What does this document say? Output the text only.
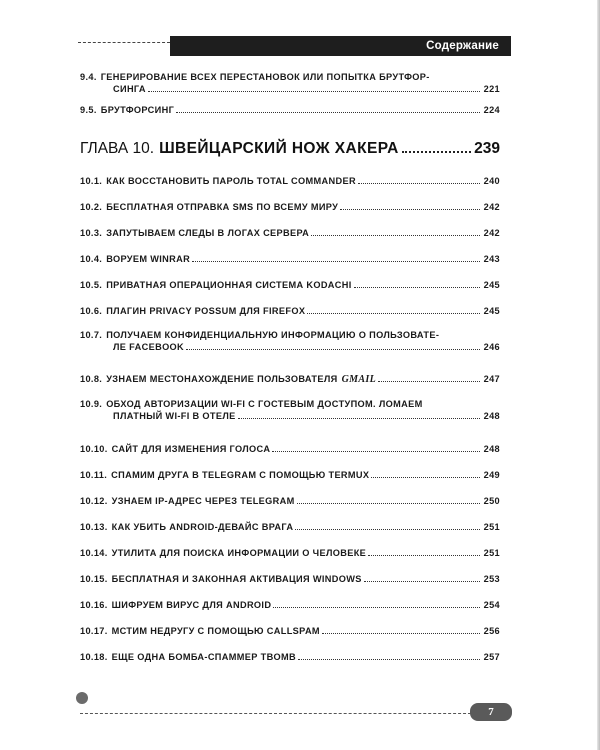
Содержание
ГЛАВА 10. ШВЕЙЦАРСКИЙ НОЖ ХАКЕРА	239
9.4. ГЕНЕРИРОВАНИЕ ВСЕХ ПЕРЕСТАНОВОК ИЛИ ПОПЫТКА БРУТФОР-
СИНГА	221
9.5. БРУТФОРСИНГ	224
10.1. КАК ВОССТАНОВИТЬ ПАРОЛЬ TOTAL COMMANDER	240
10.2. БЕСПЛАТНАЯ ОТПРАВКА SMS ПО ВСЕМУ МИРУ	242
10.3. ЗАПУТЫВАЕМ СЛЕДЫ В ЛОГАХ СЕРВЕРА	242
10.4. ВОРУЕМ WINRAR	243
10.5. ПРИВАТНАЯ ОПЕРАЦИОННАЯ СИСТЕМА KODACHI	245
10.6. ПЛАГИН PRIVACY POSSUM ДЛЯ FIREFOX	245
10.7. ПОЛУЧАЕМ КОНФИДЕНЦИАЛЬНУЮ ИНФОРМАЦИЮ О ПОЛЬЗОВАТЕ-
ЛЕ FACEBOOK	246
10.8. УЗНАЕМ МЕСТОНАХОЖДЕНИЕ ПОЛЬЗОВАТЕЛЯ GMAIL	247
10.9. ОБХОД АВТОРИЗАЦИИ WI-FI С ГОСТЕВЫМ ДОСТУПОМ. ЛОМАЕМ
ПЛАТНЫЙ WI-FI В ОТЕЛЕ	248
10.10. САЙТ ДЛЯ ИЗМЕНЕНИЯ ГОЛОСА	248
10.11. СПАМИМ ДРУГА В TELEGRAM С ПОМОЩЬЮ TERMUX	249
10.12. УЗНАЕМ IP-АДРЕС ЧЕРЕЗ TELEGRAM	250
10.13. КАК УБИТЬ ANDROID-ДЕВАЙС ВРАГА	251
10.14. УТИЛИТА ДЛЯ ПОИСКА ИНФОРМАЦИИ О ЧЕЛОВЕКЕ	251
10.15. БЕСПЛАТНАЯ И ЗАКОННАЯ АКТИВАЦИЯ WINDOWS	253
10.16. ШИФРУЕМ ВИРУС ДЛЯ ANDROID	254
10.17. МСТИМ НЕДРУГУ С ПОМОЩЬЮ CALLSPAM	256
10.18. ЕЩЕ ОДНА БОМБА-СПАММЕР TBOMB	257
7
